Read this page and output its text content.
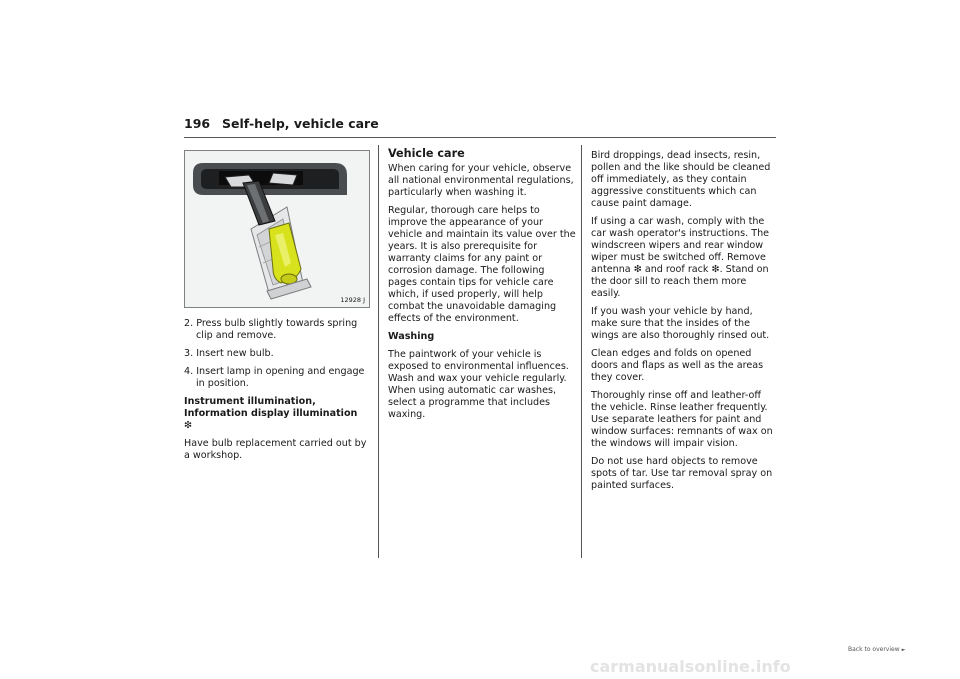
196 Self-help, vehicle care
12928 J

2. Press bulb slightly towards spring clip and remove.

3. Insert new bulb.

4. Insert lamp in opening and engage in position.

Instrument illumination, Information display illumination ❇

Have bulb replacement carried out by a workshop.

Vehicle care

When caring for your vehicle, observe all national environmental regulations, particularly when washing it.

Regular, thorough care helps to improve the appearance of your vehicle and maintain its value over the years. It is also prerequisite for warranty claims for any paint or corrosion damage. The following pages contain tips for vehicle care which, if used properly, will help combat the unavoidable damaging effects of the environment.

Washing

The paintwork of your vehicle is exposed to environmental influences. Wash and wax your vehicle regularly. When using automatic car washes, select a programme that includes waxing.

Bird droppings, dead insects, resin, pollen and the like should be cleaned off immediately, as they contain aggressive constituents which can cause paint damage.

If using a car wash, comply with the car wash operator's instructions. The windscreen wipers and rear window wiper must be switched off. Remove antenna ❇ and roof rack ❇. Stand on the door sill to reach them more easily.

If you wash your vehicle by hand, make sure that the insides of the wings are also thoroughly rinsed out.

Clean edges and folds on opened doors and flaps as well as the areas they cover.

Thoroughly rinse off and leather-off the vehicle. Rinse leather frequently. Use separate leathers for paint and window surfaces: remnants of wax on the windows will impair vision.

Do not use hard objects to remove spots of tar. Use tar removal spray on painted surfaces.

Back to overview ►
carmanualsonline.info
